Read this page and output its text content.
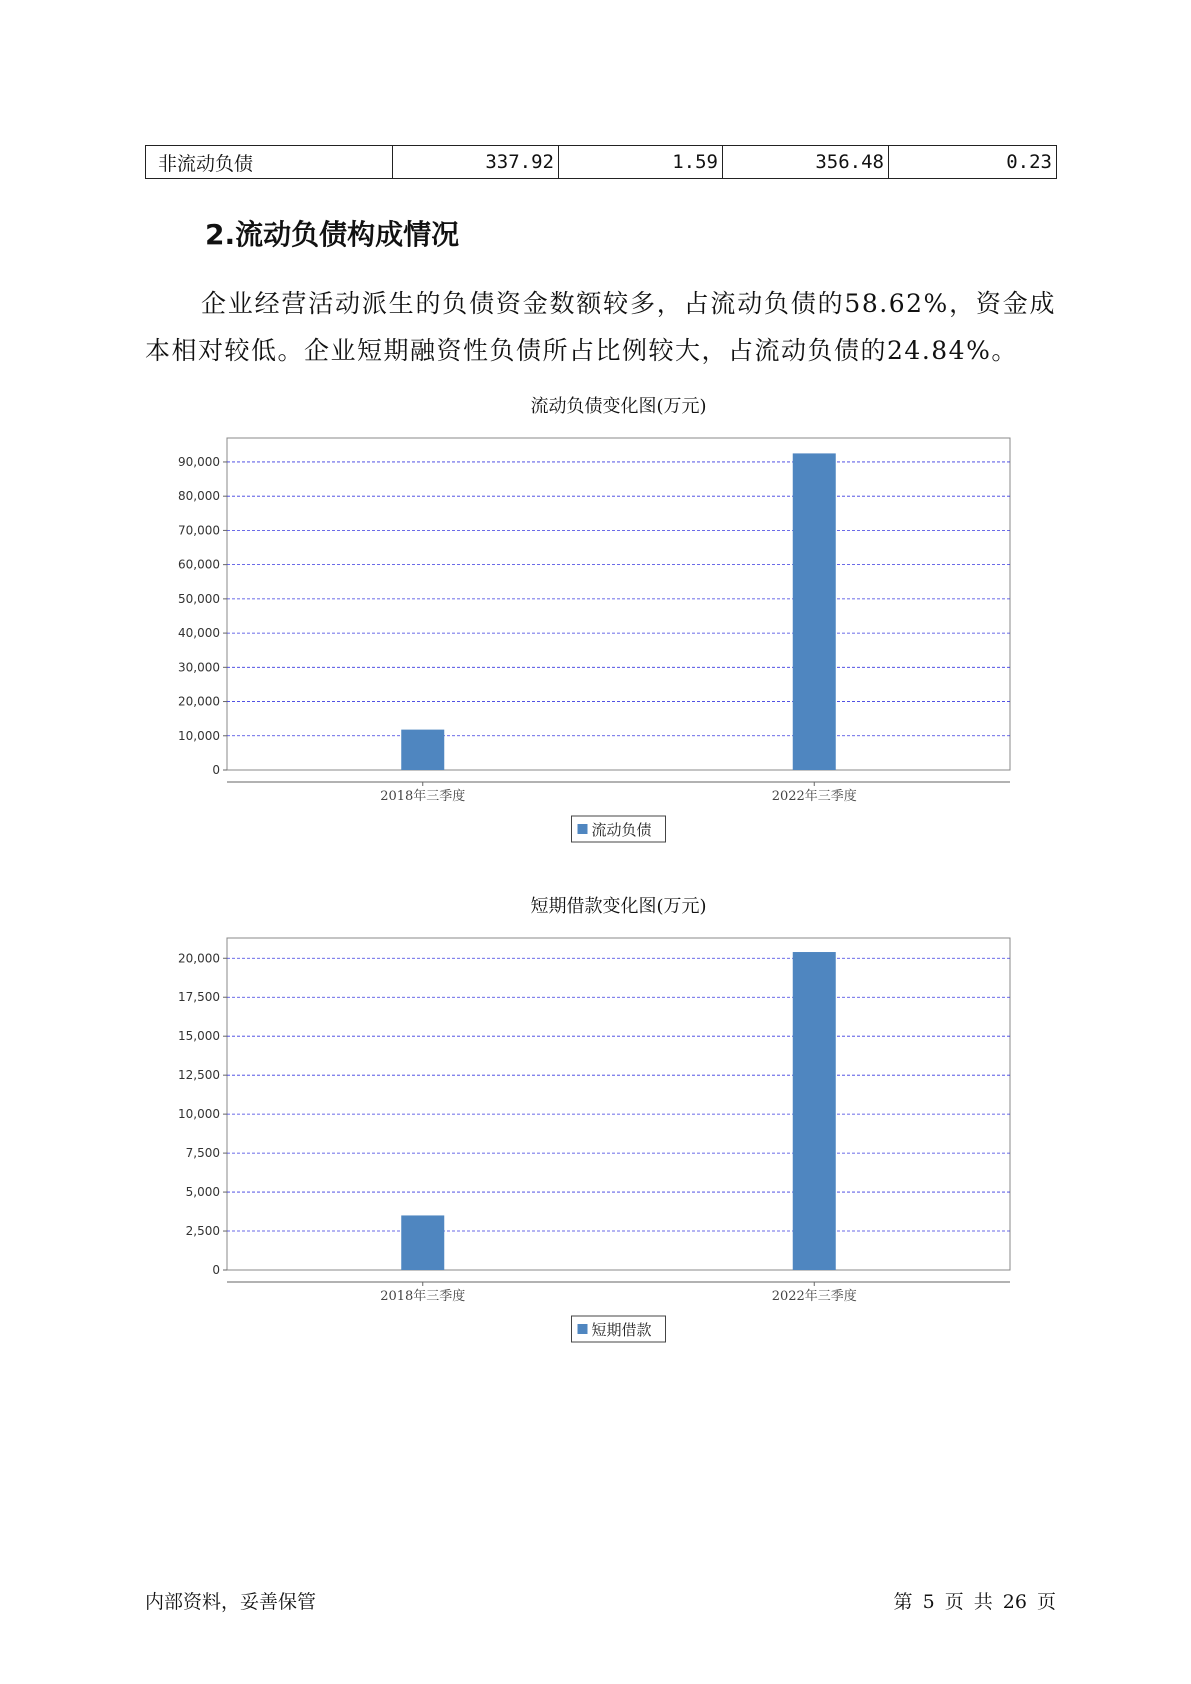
非流动负债	337.92	1.59	356.48	0.23
2.流动负债构成情况

企业经营活动派生的负债资金数额较多，占流动负债的58.62%，资金成本相对较低。企业短期融资性负债所占比例较大，占流动负债的24.84%。

流动负债变化图(万元)
0
10,000
20,000
30,000
40,000
50,000
60,000
70,000
80,000
90,000
2018年三季度	2022年三季度
流动负债
短期借款变化图(万元)
0
2,500
5,000
7,500
10,000
12,500
15,000
17,500
20,000
2018年三季度	2022年三季度
短期借款
内部资料，妥善保管	第 5 页 共 26 页
